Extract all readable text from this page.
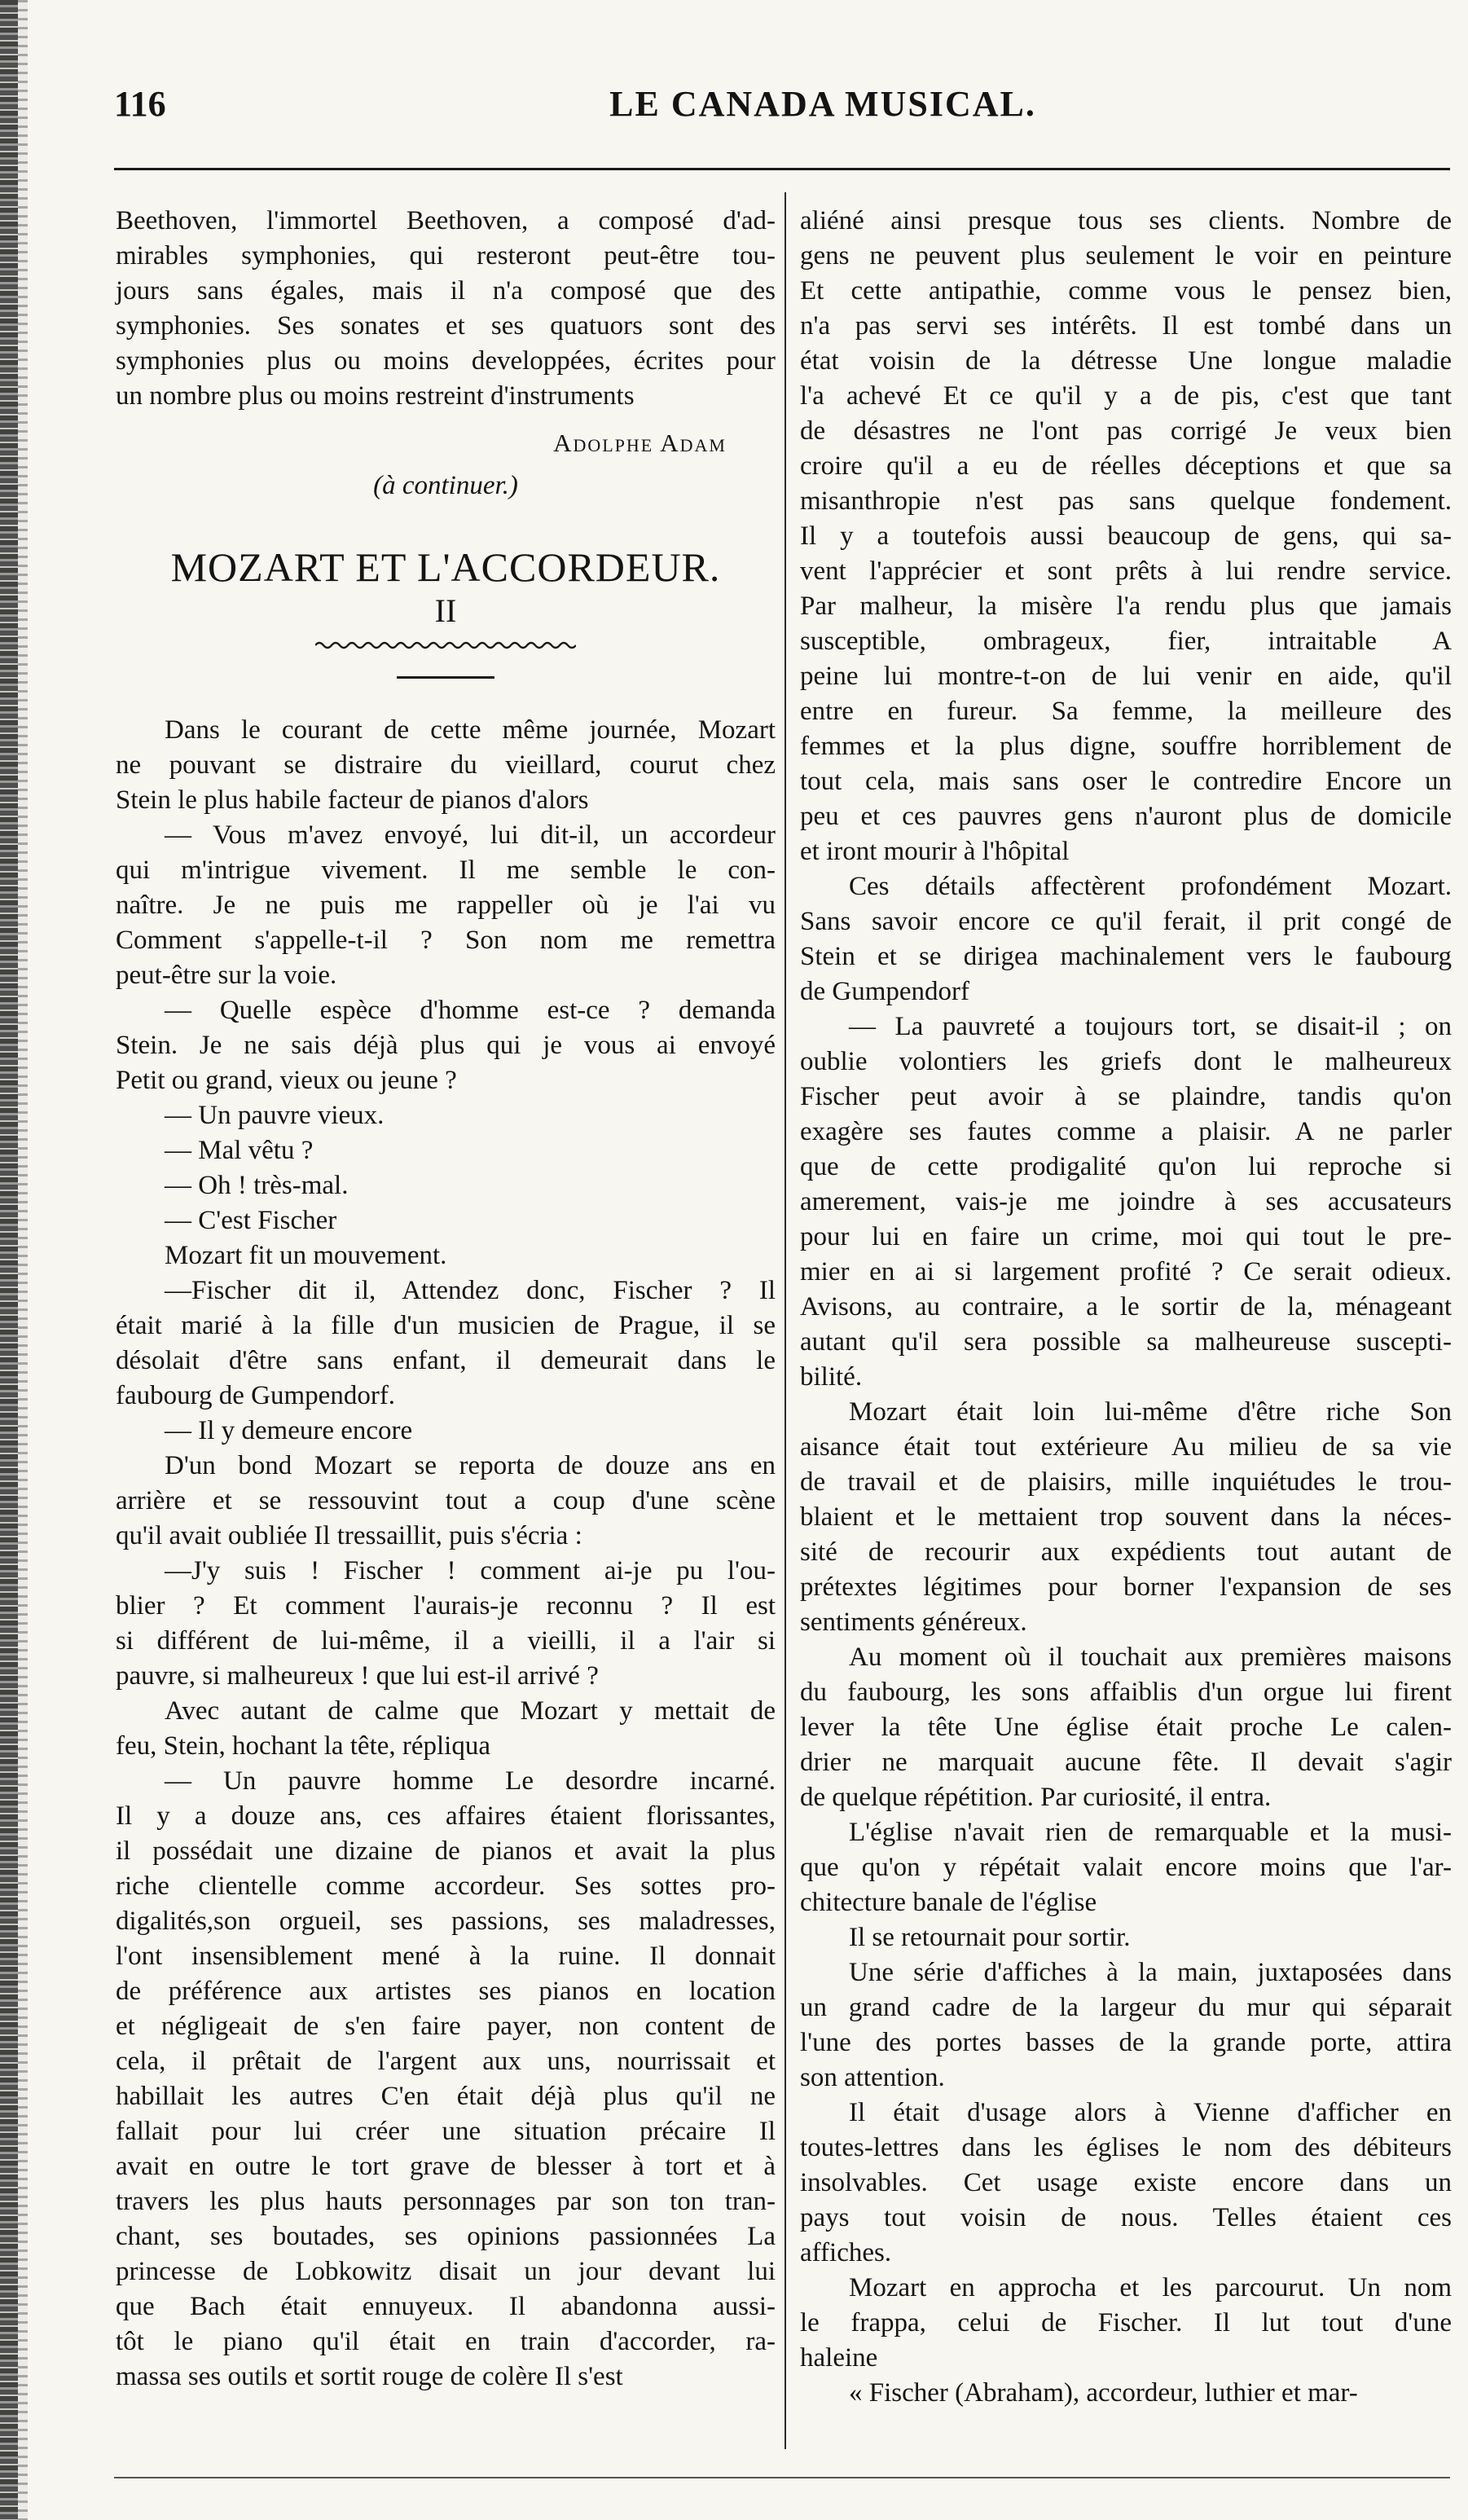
116	LE CANADA MUSICAL.

Beethoven, l'immortel Beethoven, a composé d'ad-
mirables symphonies, qui resteront peut-être tou-
jours sans égales, mais il n'a composé que des
symphonies. Ses sonates et ses quatuors sont des
symphonies plus ou moins developpées, écrites pour
un nombre plus ou moins restreint d'instruments

Adolphe Adam
(à continuer.)
MOZART ET L'ACCORDEUR.
II

Dans le courant de cette même journée, Mozart
ne pouvant se distraire du vieillard, courut chez
Stein le plus habile facteur de pianos d'alors

— Vous m'avez envoyé, lui dit-il, un accordeur
qui m'intrigue vivement. Il me semble le con-
naître. Je ne puis me rappeller où je l'ai vu
Comment s'appelle-t-il ? Son nom me remettra
peut-être sur la voie.

— Quelle espèce d'homme est-ce ? demanda
Stein. Je ne sais déjà plus qui je vous ai envoyé
Petit ou grand, vieux ou jeune ?

— Un pauvre vieux.

— Mal vêtu ?

— Oh ! très-mal.

— C'est Fischer

Mozart fit un mouvement.

—Fischer dit il, Attendez donc, Fischer ? Il
était marié à la fille d'un musicien de Prague, il se
désolait d'être sans enfant, il demeurait dans le
faubourg de Gumpendorf.

— Il y demeure encore

D'un bond Mozart se reporta de douze ans en
arrière et se ressouvint tout a coup d'une scène
qu'il avait oubliée Il tressaillit, puis s'écria :

—J'y suis ! Fischer ! comment ai-je pu l'ou-
blier ? Et comment l'aurais-je reconnu ? Il est
si différent de lui-même, il a vieilli, il a l'air si
pauvre, si malheureux ! que lui est-il arrivé ?

Avec autant de calme que Mozart y mettait de
feu, Stein, hochant la tête, répliqua

— Un pauvre homme Le desordre incarné.
Il y a douze ans, ces affaires étaient florissantes,
il possédait une dizaine de pianos et avait la plus
riche clientelle comme accordeur. Ses sottes pro-
digalités,son orgueil, ses passions, ses maladresses,
l'ont insensiblement mené à la ruine. Il donnait
de préférence aux artistes ses pianos en location
et négligeait de s'en faire payer, non content de
cela, il prêtait de l'argent aux uns, nourrissait et
habillait les autres C'en était déjà plus qu'il ne
fallait pour lui créer une situation précaire Il
avait en outre le tort grave de blesser à tort et à
travers les plus hauts personnages par son ton tran-
chant, ses boutades, ses opinions passionnées La
princesse de Lobkowitz disait un jour devant lui
que Bach était ennuyeux. Il abandonna aussi-
tôt le piano qu'il était en train d'accorder, ra-
massa ses outils et sortit rouge de colère Il s'est

aliéné ainsi presque tous ses clients. Nombre de
gens ne peuvent plus seulement le voir en peinture
Et cette antipathie, comme vous le pensez bien,
n'a pas servi ses intérêts. Il est tombé dans un
état voisin de la détresse Une longue maladie
l'a achevé Et ce qu'il y a de pis, c'est que tant
de désastres ne l'ont pas corrigé Je veux bien
croire qu'il a eu de réelles déceptions et que sa
misanthropie n'est pas sans quelque fondement.
Il y a toutefois aussi beaucoup de gens, qui sa-
vent l'apprécier et sont prêts à lui rendre service.
Par malheur, la misère l'a rendu plus que jamais
susceptible, ombrageux, fier, intraitable A
peine lui montre-t-on de lui venir en aide, qu'il
entre en fureur. Sa femme, la meilleure des
femmes et la plus digne, souffre horriblement de
tout cela, mais sans oser le contredire Encore un
peu et ces pauvres gens n'auront plus de domicile
et iront mourir à l'hôpital

Ces détails affectèrent profondément Mozart.
Sans savoir encore ce qu'il ferait, il prit congé de
Stein et se dirigea machinalement vers le faubourg
de Gumpendorf

— La pauvreté a toujours tort, se disait-il ; on
oublie volontiers les griefs dont le malheureux
Fischer peut avoir à se plaindre, tandis qu'on
exagère ses fautes comme a plaisir. A ne parler
que de cette prodigalité qu'on lui reproche si
amerement, vais-je me joindre à ses accusateurs
pour lui en faire un crime, moi qui tout le pre-
mier en ai si largement profité ? Ce serait odieux.
Avisons, au contraire, a le sortir de la, ménageant
autant qu'il sera possible sa malheureuse suscepti-
bilité.

Mozart était loin lui-même d'être riche Son
aisance était tout extérieure Au milieu de sa vie
de travail et de plaisirs, mille inquiétudes le trou-
blaient et le mettaient trop souvent dans la néces-
sité de recourir aux expédients tout autant de
prétextes légitimes pour borner l'expansion de ses
sentiments généreux.

Au moment où il touchait aux premières maisons
du faubourg, les sons affaiblis d'un orgue lui firent
lever la tête Une église était proche Le calen-
drier ne marquait aucune fête. Il devait s'agir
de quelque répétition. Par curiosité, il entra.

L'église n'avait rien de remarquable et la musi-
que qu'on y répétait valait encore moins que l'ar-
chitecture banale de l'église

Il se retournait pour sortir.

Une série d'affiches à la main, juxtaposées dans
un grand cadre de la largeur du mur qui séparait
l'une des portes basses de la grande porte, attira
son attention.

Il était d'usage alors à Vienne d'afficher en
toutes-lettres dans les églises le nom des débiteurs
insolvables. Cet usage existe encore dans un
pays tout voisin de nous. Telles étaient ces
affiches.

Mozart en approcha et les parcourut. Un nom
le frappa, celui de Fischer. Il lut tout d'une
haleine

« Fischer (Abraham), accordeur, luthier et mar-
